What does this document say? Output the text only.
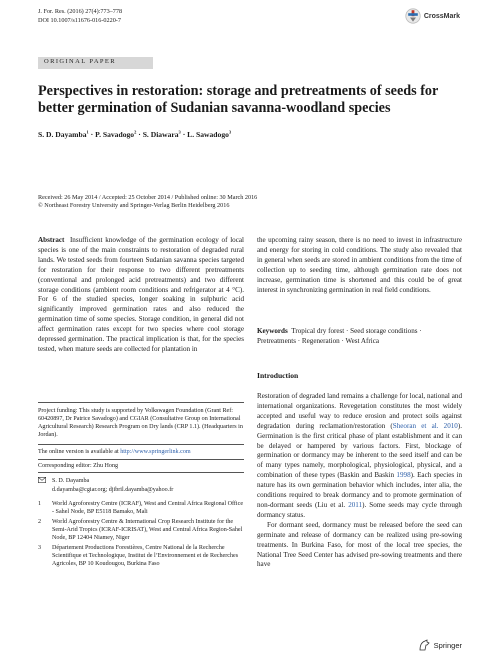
J. For. Res. (2016) 27(4):773–778
DOI 10.1007/s11676-016-0220-7
CrossMark
ORIGINAL PAPER
Perspectives in restoration: storage and pretreatments of seeds for better germination of Sudanian savanna-woodland species
S. D. Dayamba$^1$ · P. Savadogo$^2$ · S. Diawara$^3$ · L. Sawadogo$^3$
Received: 26 May 2014 / Accepted: 25 October 2014 / Published online: 30 March 2016
© Northeast Forestry University and Springer-Verlag Berlin Heidelberg 2016

Abstract Insufficient knowledge of the germination ecology of local species is one of the main constraints to restoration of degraded rural lands. We tested seeds from fourteen Sudanian savanna species targeted for restoration for their response to two different pretreatments (conventional and prolonged acid pretreatments) and two different storage conditions (ambient room conditions and refrigerator at 4 °C). For 6 of the studied species, longer soaking in sulphuric acid significantly improved germination rates and also reduced the germination time of some species. Storage condition, in general did not affect germination rates except for two species where cool storage depressed germination. The practical implication is that, for the species tested, when mature seeds are collected for plantation in

Project funding: This study is supported by Volkswagen Foundation (Grant Ref: 60420897, Dr Patrice Savadogo) and CGIAR (Consultative Group on International Agricultural Research) Research Program on Dry lands (CRP 1.1). (Headquarters in Jordan).

The online version is available at http://www.springerlink.com

Corresponding editor: Zhu Hong

S. D. Dayamba
d.dayamba@cgiar.org; djibril.dayamba@yahoo.fr
1	World Agroforestry Centre (ICRAF), West and Central Africa Regional Office - Sahel Node, BP E5118 Bamako, Mali
2	World Agroforestry Centre & International Crop Research Institute for the Semi-Arid Tropics (ICRAF-ICRISAT), West and Central Africa Region-Sahel Node, BP 12404 Niamey, Niger
3	Département Productions Forestières, Centre National de la Recherche Scientifique et Technologique, Institut de l’Environnement et de Recherches Agricoles, BP 10 Koudougou, Burkina Faso

the upcoming rainy season, there is no need to invest in infrastructure and energy for storing in cold conditions. The study also revealed that in general when seeds are stored in ambient conditions from the time of collection up to seeding time, although germination rate does not increase, germination time is shortened and this could be of great interest in synchronizing germination in real field conditions.

Keywords Tropical dry forest · Seed storage conditions · Pretreatments · Regeneration · West Africa

Introduction

Restoration of degraded land remains a challenge for local, national and international organizations. Revegetation constitutes the most widely accepted and useful way to reduce erosion and protect soils against degradation during reclamation/restoration (Sheoran et al. 2010). Germination is the first critical phase of plant establishment and it can be delayed or hampered by various factors. First, blockage of germination or dormancy may be inherent to the seed itself and can be of many types namely, morphological, physiological, physical, and a combination of these types (Baskin and Baskin 1998). Each species in nature has its own germination behavior which includes, inter alia, the conditions required to break dormancy and to promote germination of non-dormant seeds (Liu et al. 2011). Some seeds may cycle through dormancy status.

For dormant seed, dormancy must be released before the seed can germinate and release of dormancy can be realized using pre-sowing treatments. In Burkina Faso, for most of the local tree species, the National Tree Seed Center has advised pre-sowing treatments and there have

Springer
